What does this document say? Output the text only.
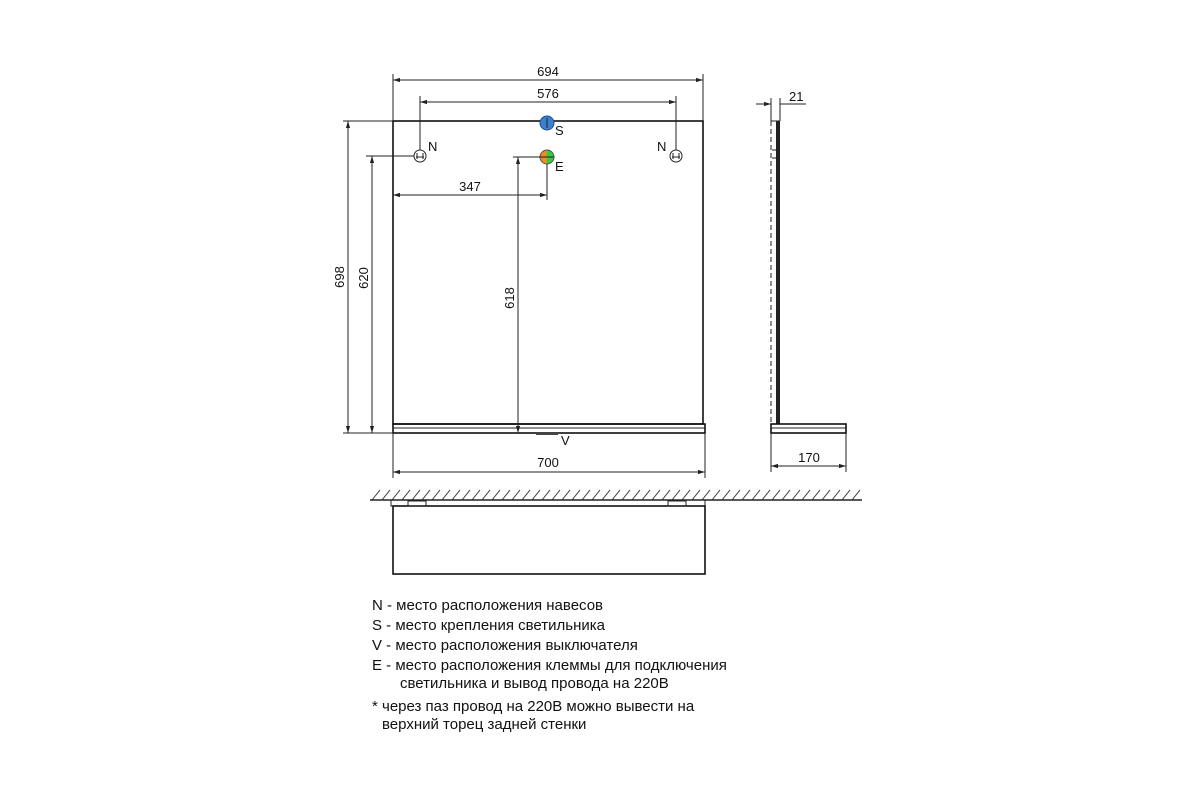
N	N
S
E
V
694
576
347
698 620
618
700
21
170
N - место расположения навесов
S - место крепления светильника
V - место расположения выключателя
E - место расположения клеммы для подключения
светильника и вывод провода на 220В
* через паз провод на 220В можно вывести на
верхний торец задней стенки
